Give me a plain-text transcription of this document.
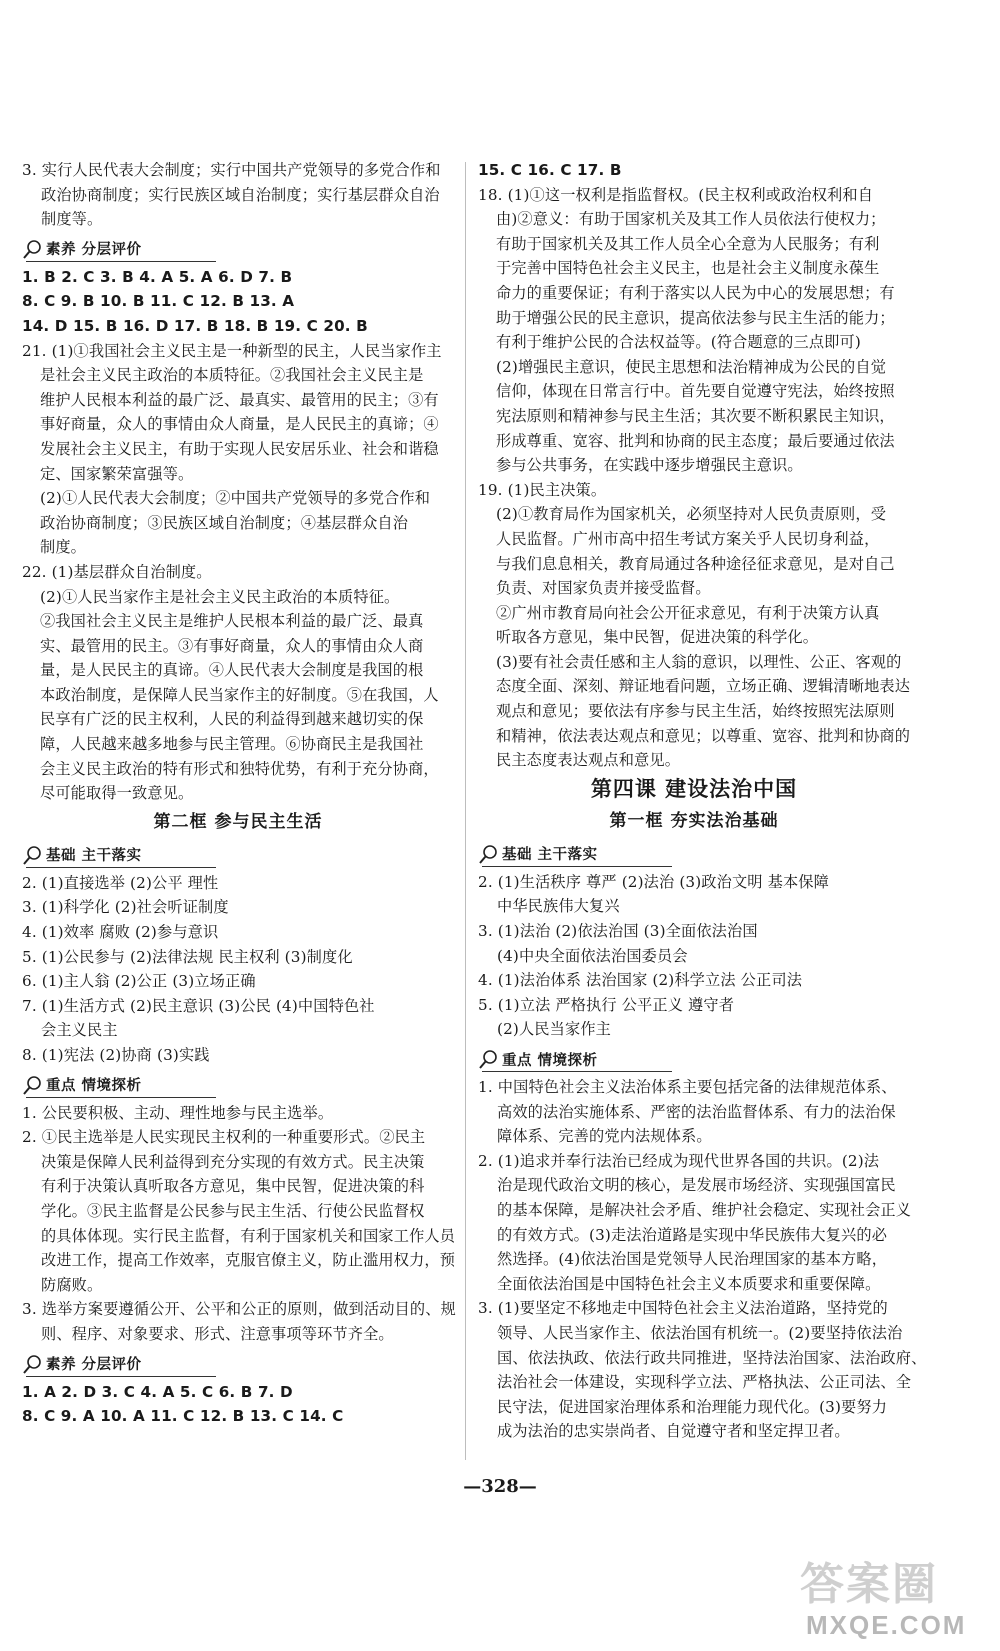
3. 实行人民代表大会制度；实行中国共产党领导的多党合作和
政治协商制度；实行民族区域自治制度；实行基层群众自治
制度等。
素养 分层评价
1. B 2. C 3. B 4. A 5. A 6. D 7. B
8. C 9. B 10. B 11. C 12. B 13. A
14. D 15. B 16. D 17. B 18. B 19. C 20. B
21. (1)①我国社会主义民主是一种新型的民主，人民当家作主
是社会主义民主政治的本质特征。②我国社会主义民主是
维护人民根本利益的最广泛、最真实、最管用的民主；③有
事好商量，众人的事情由众人商量，是人民民主的真谛；④
发展社会主义民主，有助于实现人民安居乐业、社会和谐稳
定、国家繁荣富强等。
(2)①人民代表大会制度；②中国共产党领导的多党合作和
政治协商制度；③民族区域自治制度；④基层群众自治
制度。
22. (1)基层群众自治制度。
(2)①人民当家作主是社会主义民主政治的本质特征。
②我国社会主义民主是维护人民根本利益的最广泛、最真
实、最管用的民主。③有事好商量，众人的事情由众人商
量，是人民民主的真谛。④人民代表大会制度是我国的根
本政治制度，是保障人民当家作主的好制度。⑤在我国，人
民享有广泛的民主权利，人民的利益得到越来越切实的保
障，人民越来越多地参与民主管理。⑥协商民主是我国社
会主义民主政治的特有形式和独特优势，有利于充分协商，
尽可能取得一致意见。
第二框 参与民主生活
基础 主干落实
2. (1)直接选举 (2)公平 理性
3. (1)科学化 (2)社会听证制度
4. (1)效率 腐败 (2)参与意识
5. (1)公民参与 (2)法律法规 民主权利 (3)制度化
6. (1)主人翁 (2)公正 (3)立场正确
7. (1)生活方式 (2)民主意识 (3)公民 (4)中国特色社
会主义民主
8. (1)宪法 (2)协商 (3)实践
重点 情境探析
1. 公民要积极、主动、理性地参与民主选举。
2. ①民主选举是人民实现民主权利的一种重要形式。②民主
决策是保障人民利益得到充分实现的有效方式。民主决策
有利于决策认真听取各方意见，集中民智，促进决策的科
学化。③民主监督是公民参与民主生活、行使公民监督权
的具体体现。实行民主监督，有利于国家机关和国家工作人员
改进工作，提高工作效率，克服官僚主义，防止滥用权力，预
防腐败。
3. 选举方案要遵循公开、公平和公正的原则，做到活动目的、规
则、程序、对象要求、形式、注意事项等环节齐全。
素养 分层评价
1. A 2. D 3. C 4. A 5. C 6. B 7. D
8. C 9. A 10. A 11. C 12. B 13. C 14. C
15. C 16. C 17. B
18. (1)①这一权利是指监督权。(民主权利或政治权利和自
由)②意义：有助于国家机关及其工作人员依法行使权力；
有助于国家机关及其工作人员全心全意为人民服务；有利
于完善中国特色社会主义民主，也是社会主义制度永葆生
命力的重要保证；有利于落实以人民为中心的发展思想；有
助于增强公民的民主意识，提高依法参与民主生活的能力；
有利于维护公民的合法权益等。(符合题意的三点即可)
(2)增强民主意识，使民主思想和法治精神成为公民的自觉
信仰，体现在日常言行中。首先要自觉遵守宪法，始终按照
宪法原则和精神参与民主生活；其次要不断积累民主知识，
形成尊重、宽容、批判和协商的民主态度；最后要通过依法
参与公共事务，在实践中逐步增强民主意识。
19. (1)民主决策。
(2)①教育局作为国家机关，必须坚持对人民负责原则，受
人民监督。广州市高中招生考试方案关乎人民切身利益，
与我们息息相关，教育局通过各种途径征求意见，是对自己
负责、对国家负责并接受监督。
②广州市教育局向社会公开征求意见，有利于决策方认真
听取各方意见，集中民智，促进决策的科学化。
(3)要有社会责任感和主人翁的意识，以理性、公正、客观的
态度全面、深刻、辩证地看问题，立场正确、逻辑清晰地表达
观点和意见；要依法有序参与民主生活，始终按照宪法原则
和精神，依法表达观点和意见；以尊重、宽容、批判和协商的
民主态度表达观点和意见。
第四课 建设法治中国
第一框 夯实法治基础
基础 主干落实
2. (1)生活秩序 尊严 (2)法治 (3)政治文明 基本保障
中华民族伟大复兴
3. (1)法治 (2)依法治国 (3)全面依法治国
(4)中央全面依法治国委员会
4. (1)法治体系 法治国家 (2)科学立法 公正司法
5. (1)立法 严格执行 公平正义 遵守者
(2)人民当家作主
重点 情境探析
1. 中国特色社会主义法治体系主要包括完备的法律规范体系、
高效的法治实施体系、严密的法治监督体系、有力的法治保
障体系、完善的党内法规体系。
2. (1)追求并奉行法治已经成为现代世界各国的共识。(2)法
治是现代政治文明的核心，是发展市场经济、实现强国富民
的基本保障，是解决社会矛盾、维护社会稳定、实现社会正义
的有效方式。(3)走法治道路是实现中华民族伟大复兴的必
然选择。(4)依法治国是党领导人民治理国家的基本方略，
全面依法治国是中国特色社会主义本质要求和重要保障。
3. (1)要坚定不移地走中国特色社会主义法治道路，坚持党的
领导、人民当家作主、依法治国有机统一。(2)要坚持依法治
国、依法执政、依法行政共同推进，坚持法治国家、法治政府、
法治社会一体建设，实现科学立法、严格执法、公正司法、全
民守法，促进国家治理体系和治理能力现代化。(3)要努力
成为法治的忠实崇尚者、自觉遵守者和坚定捍卫者。
—328—
答案圈
MXQE.COM
